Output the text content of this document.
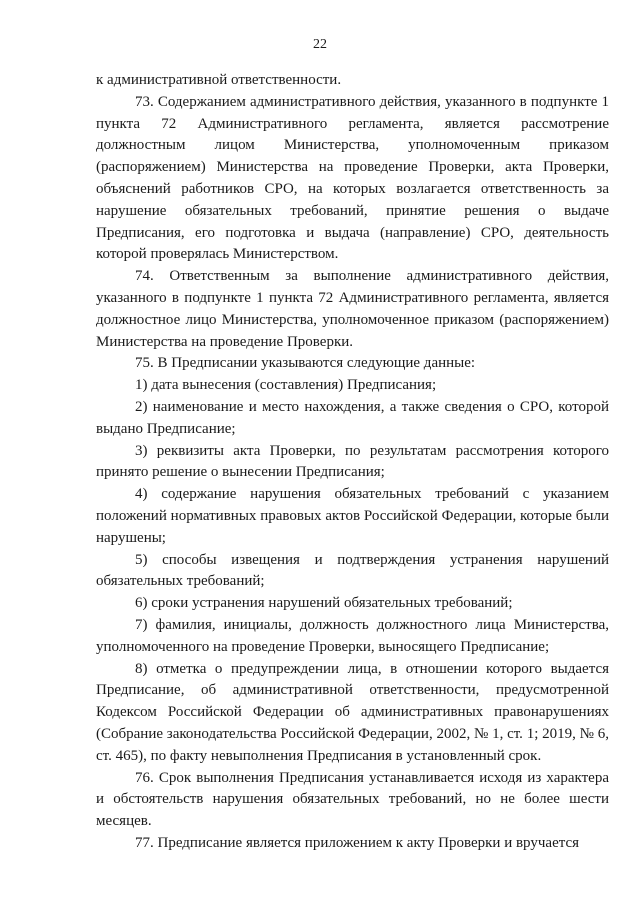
22

к административной ответственности.

73. Содержанием административного действия, указанного в подпункте 1 пункта 72 Административного регламента, является рассмотрение должностным лицом Министерства, уполномоченным приказом (распоряжением) Министерства на проведение Проверки, акта Проверки, объяснений работников СРО, на которых возлагается ответственность за нарушение обязательных требований, принятие решения о выдаче Предписания, его подготовка и выдача (направление) СРО, деятельность которой проверялась Министерством.

74. Ответственным за выполнение административного действия, указанного в подпункте 1 пункта 72 Административного регламента, является должностное лицо Министерства, уполномоченное приказом (распоряжением) Министерства на проведение Проверки.

75. В Предписании указываются следующие данные:

1) дата вынесения (составления) Предписания;

2) наименование и место нахождения, а также сведения о СРО, которой выдано Предписание;

3) реквизиты акта Проверки, по результатам рассмотрения которого принято решение о вынесении Предписания;

4) содержание нарушения обязательных требований с указанием положений нормативных правовых актов Российской Федерации, которые были нарушены;

5) способы извещения и подтверждения устранения нарушений обязательных требований;

6) сроки устранения нарушений обязательных требований;

7) фамилия, инициалы, должность должностного лица Министерства, уполномоченного на проведение Проверки, выносящего Предписание;

8) отметка о предупреждении лица, в отношении которого выдается Предписание, об административной ответственности, предусмотренной Кодексом Российской Федерации об административных правонарушениях (Собрание законодательства Российской Федерации, 2002, № 1, ст. 1; 2019, № 6, ст. 465), по факту невыполнения Предписания в установленный срок.

76. Срок выполнения Предписания устанавливается исходя из характера и обстоятельств нарушения обязательных требований, но не более шести месяцев.

77. Предписание является приложением к акту Проверки и вручается
